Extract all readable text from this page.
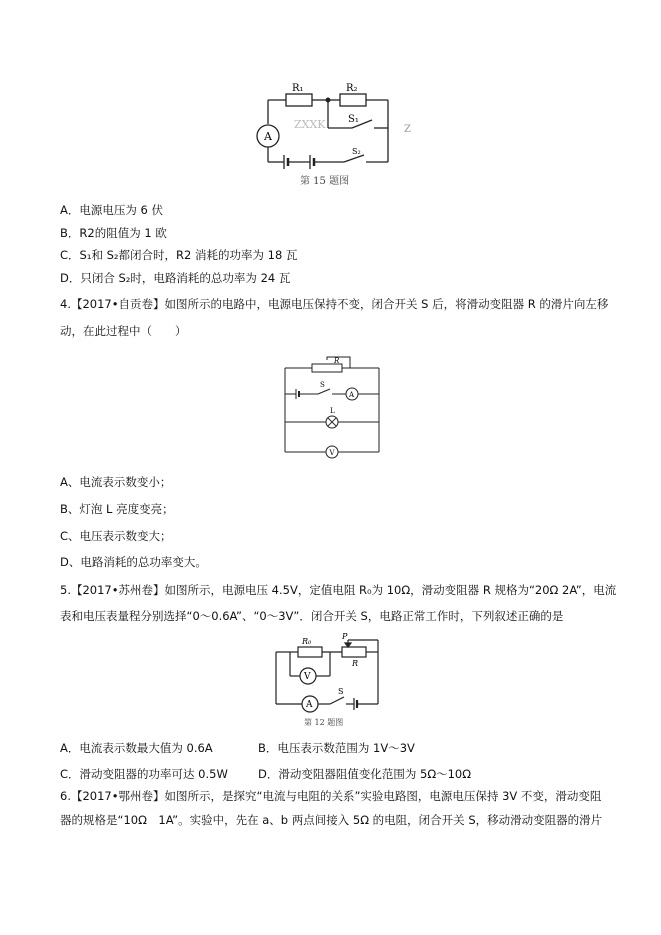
R₁	R₂
S₁
S₂
A
ZXXK	Z
第 15 题图
A．电源电压为 6 伏
B．R2的阻值为 1 欧
C．S₁和 S₂都闭合时，R2 消耗的功率为 18 瓦
D．只闭合 S₂时，电路消耗的总功率为 24 瓦
4.【2017•自贡卷】如图所示的电路中，电源电压保持不变，闭合开关 S 后，将滑动变阻器 R 的滑片向左移
动，在此过程中（　　）
R
S
A
L
V
A、电流表示数变小；
B、灯泡 L 亮度变亮；
C、电压表示数变大；
D、电路消耗的总功率变大。
5.【2017•苏州卷】如图所示，电源电压 4.5V，定值电阻 R₀为 10Ω，滑动变阻器 R 规格为“20Ω 2A”，电流
表和电压表量程分别选择“0～0.6A”、“0～3V”．闭合开关 S，电路正常工作时，下列叙述正确的是
R₀
P
R
V
A
S
第 12 题图
A．电流表示数最大值为 0.6A	B．电压表示数范围为 1V～3V
C．滑动变阻器的功率可达 0.5W	D．滑动变阻器阻值变化范围为 5Ω～10Ω
6.【2017•鄂州卷】如图所示，是探究“电流与电阻的关系”实验电路图，电源电压保持 3V 不变，滑动变阻
器的规格是“10Ω　1A”。实验中，先在 a、b 两点间接入 5Ω 的电阻，闭合开关 S，移动滑动变阻器的滑片
